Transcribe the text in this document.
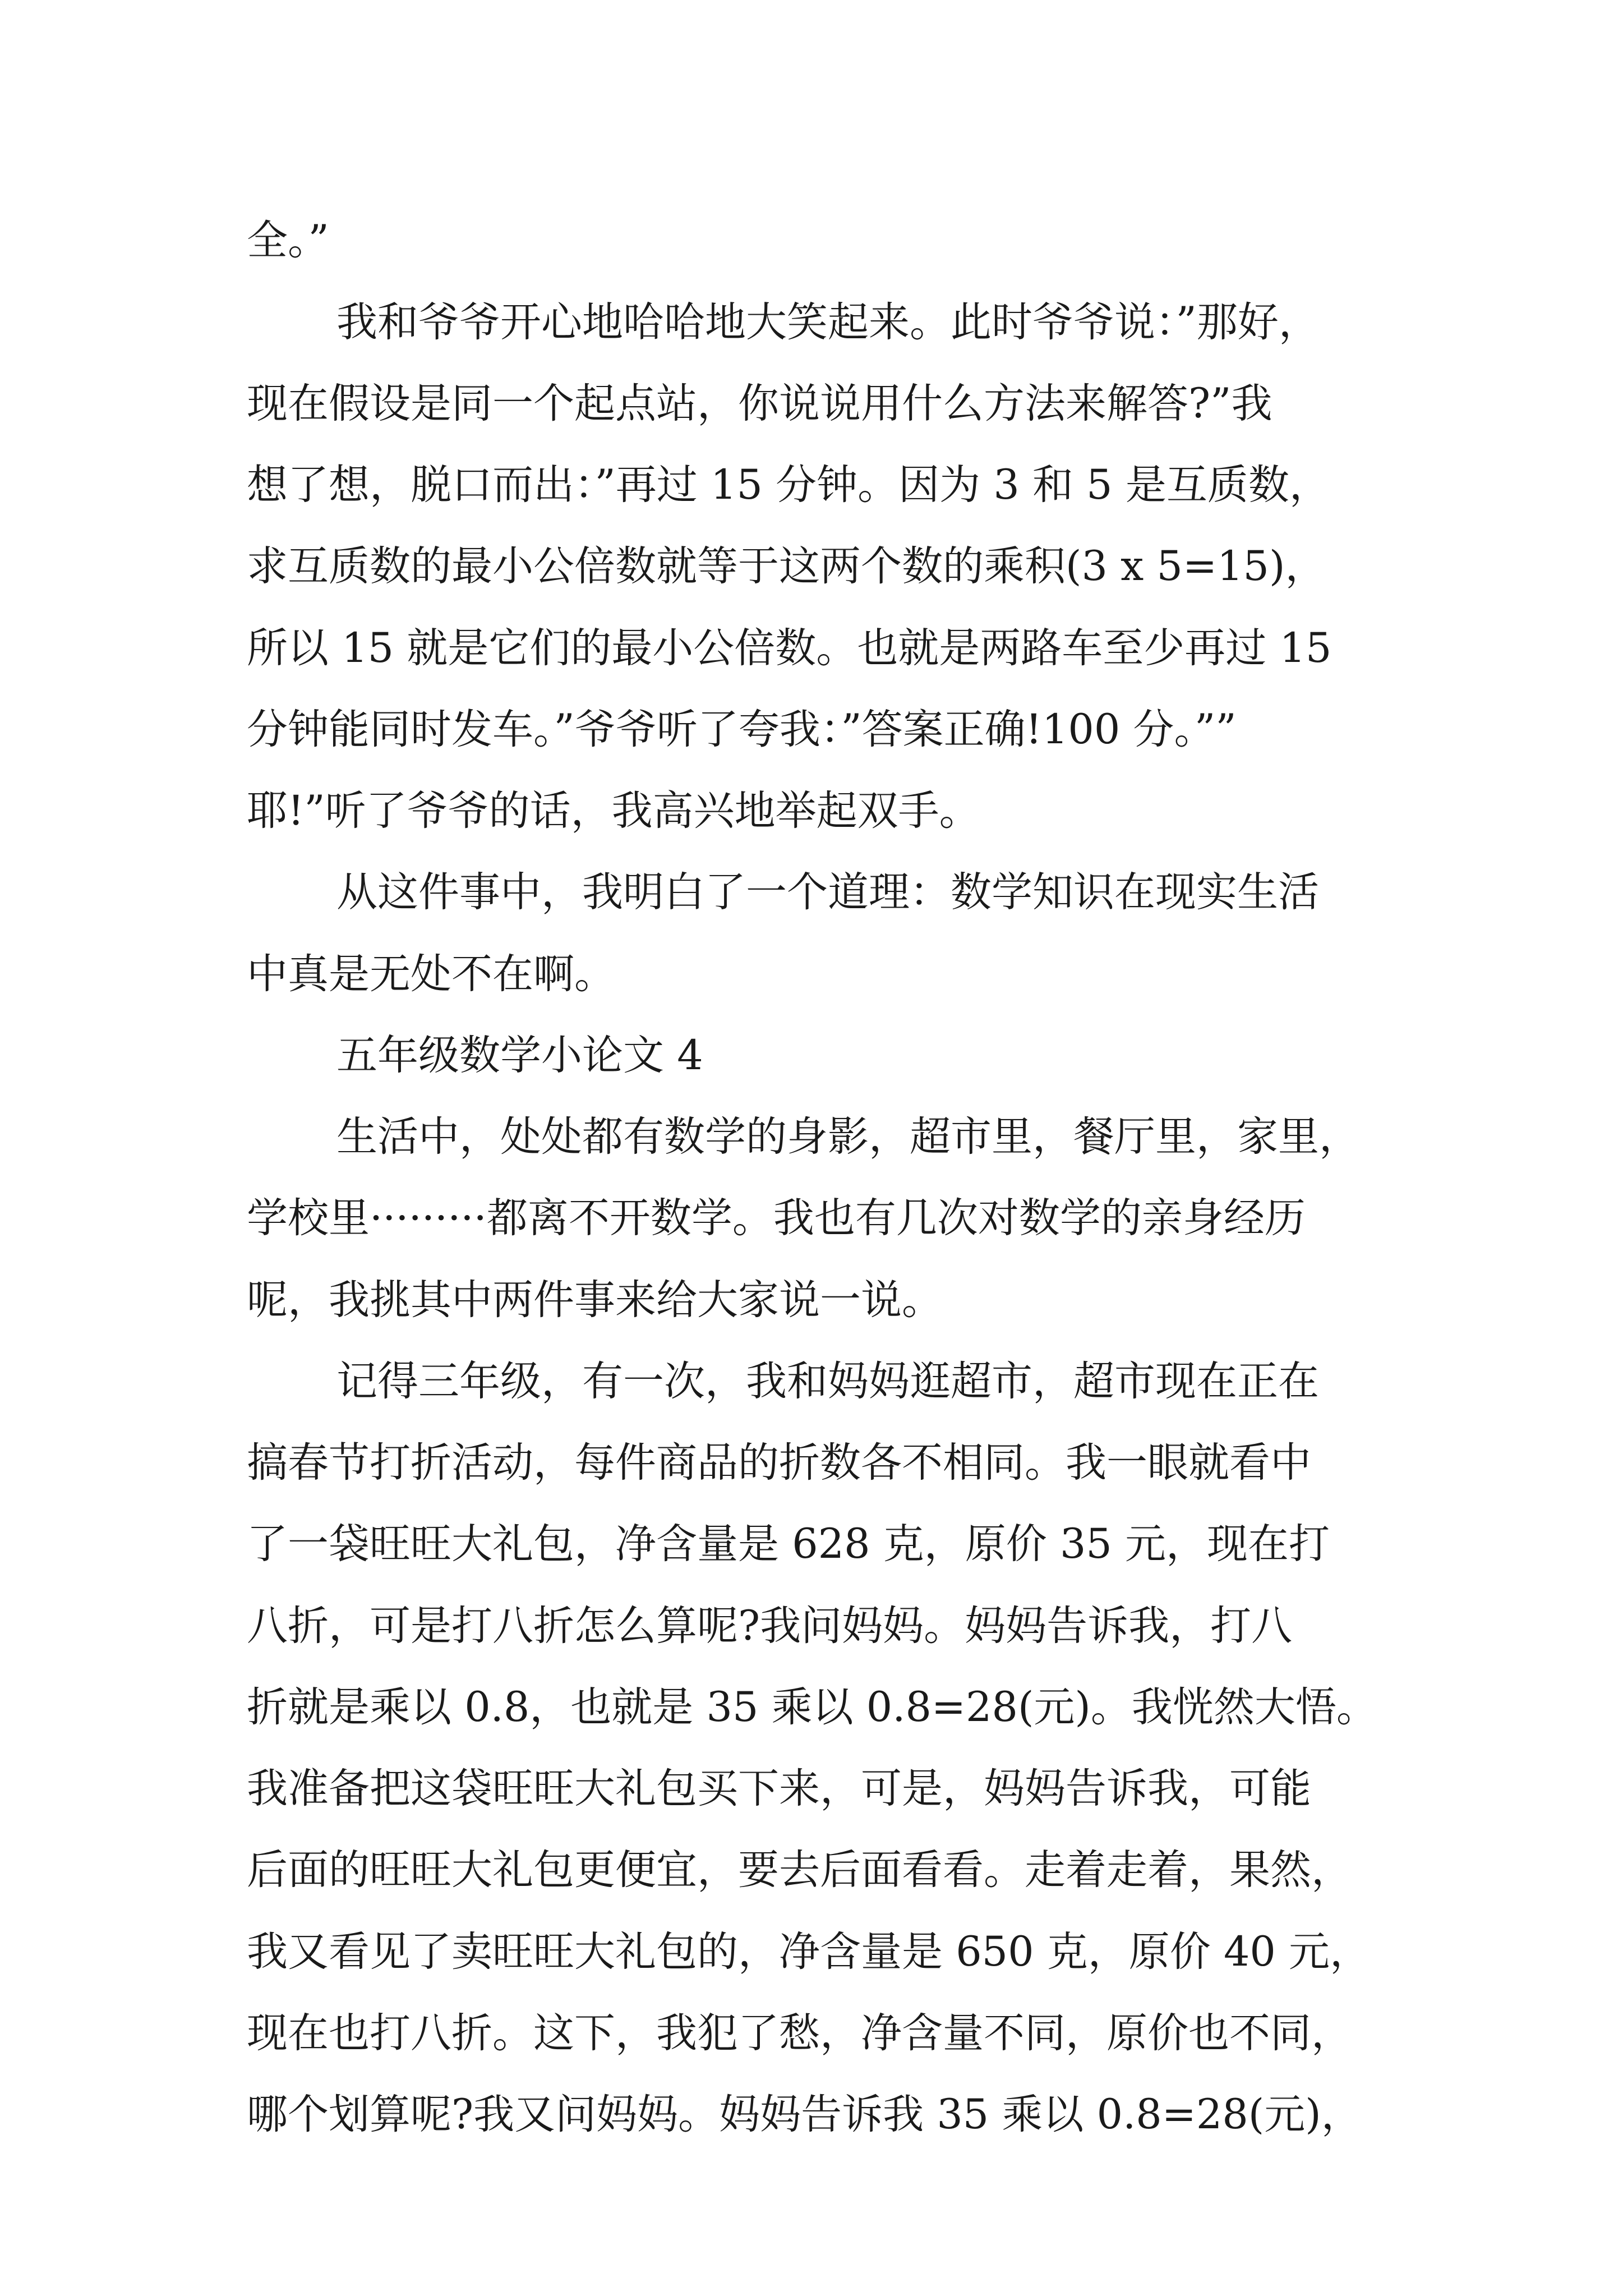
全。”
我和爷爷开心地哈哈地大笑起来。此时爷爷说：”那好，
现在假设是同一个起点站，你说说用什么方法来解答?”我
想了想，脱口而出：”再过 15 分钟。因为 3 和 5 是互质数，
求互质数的最小公倍数就等于这两个数的乘积(3 x 5=15)，
所以 15 就是它们的最小公倍数。也就是两路车至少再过 15
分钟能同时发车。”爷爷听了夸我：”答案正确!100 分。””
耶!”听了爷爷的话，我高兴地举起双手。
从这件事中，我明白了一个道理：数学知识在现实生活
中真是无处不在啊。
五年级数学小论文 4
生活中，处处都有数学的身影，超市里，餐厅里，家里，
学校里·········都离不开数学。我也有几次对数学的亲身经历
呢，我挑其中两件事来给大家说一说。
记得三年级，有一次，我和妈妈逛超市，超市现在正在
搞春节打折活动，每件商品的折数各不相同。我一眼就看中
了一袋旺旺大礼包，净含量是 628 克，原价 35 元，现在打
八折，可是打八折怎么算呢?我问妈妈。妈妈告诉我，打八
折就是乘以 0.8，也就是 35 乘以 0.8=28(元)。我恍然大悟。
我准备把这袋旺旺大礼包买下来，可是，妈妈告诉我，可能
后面的旺旺大礼包更便宜，要去后面看看。走着走着，果然，
我又看见了卖旺旺大礼包的，净含量是 650 克，原价 40 元，
现在也打八折。这下，我犯了愁，净含量不同，原价也不同，
哪个划算呢?我又问妈妈。妈妈告诉我 35 乘以 0.8=28(元)，
